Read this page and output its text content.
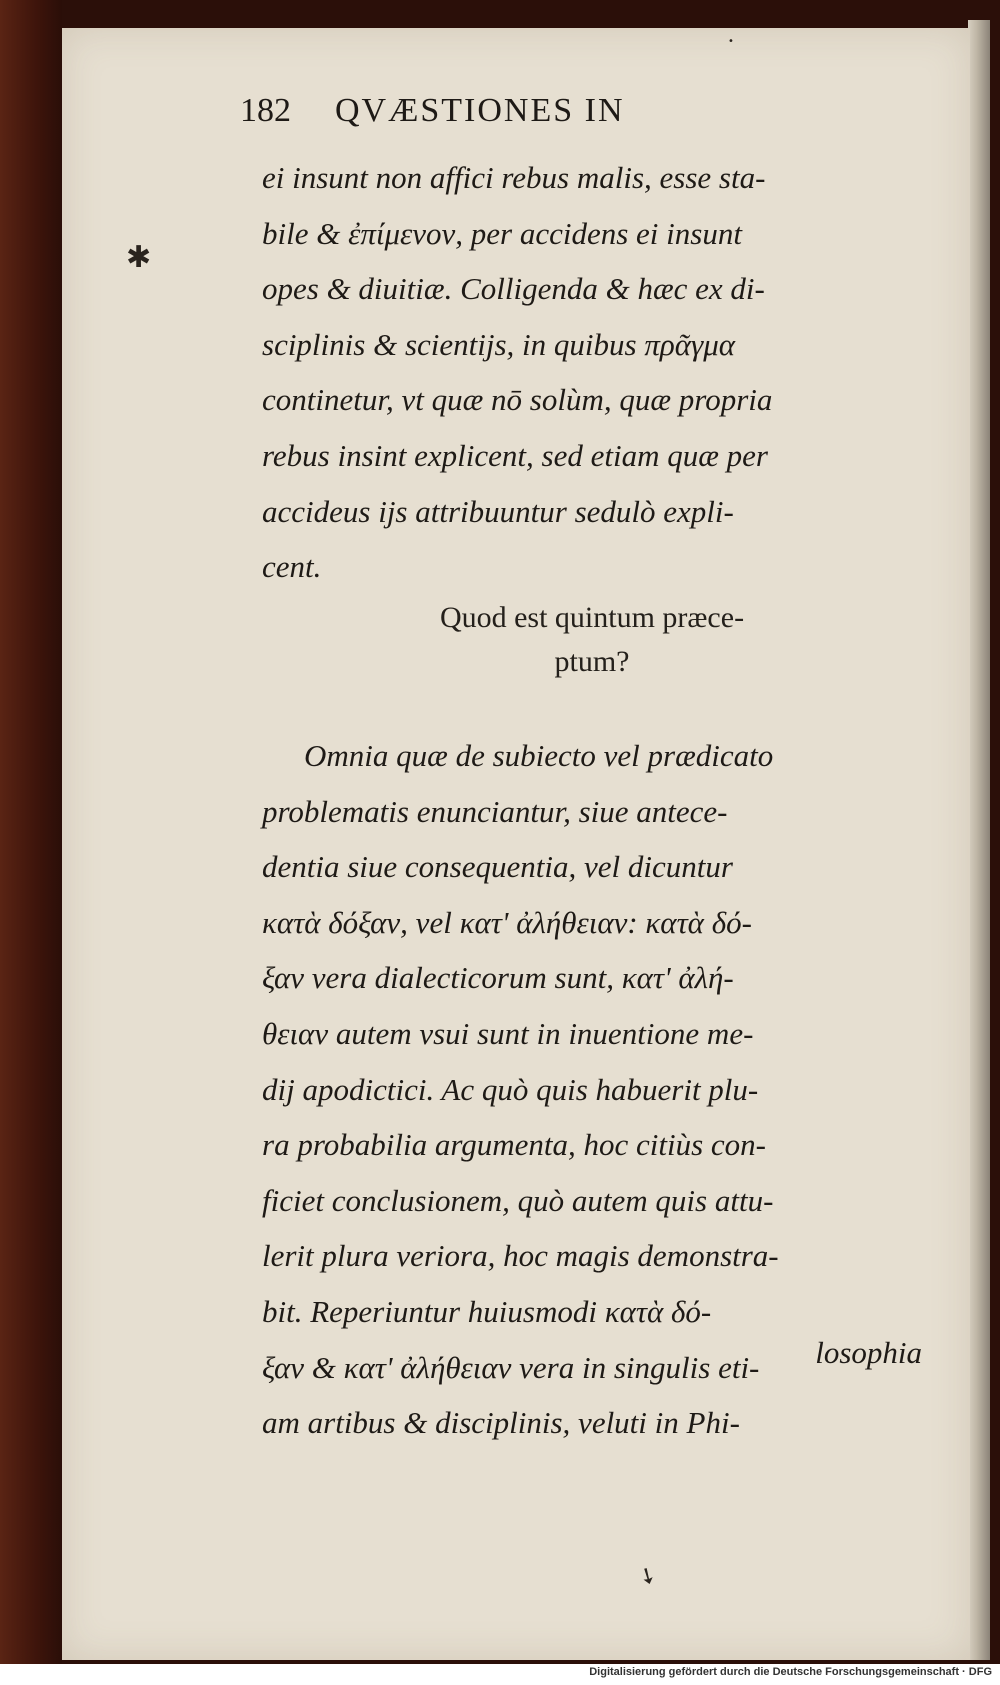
•
✱
➘
182 QVÆSTIONES IN
ei insunt non affici rebus malis, esse sta-
bile & ἐπίμενον, per accidens ei insunt
opes & diuitiæ. Colligenda & hæc ex di-
sciplinis & scientijs, in quibus πρᾶγμα
continetur, vt quæ nō solùm, quæ propria
rebus insint explicent, sed etiam quæ per
accideus ijs attribuuntur sedulò expli-
cent.
Quod est quintum præce-
ptum?
Omnia quæ de subiecto vel prædicato
problematis enunciantur, siue antece-
dentia siue consequentia, vel dicuntur
κατὰ δόξαν, vel κατ' ἀλήθειαν: κατὰ δό-
ξαν vera dialecticorum sunt, κατ' ἀλή-
θειαν autem vsui sunt in inuentione me-
dij apodictici. Ac quò quis habuerit plu-
ra probabilia argumenta, hoc citiùs con-
ficiet conclusionem, quò autem quis attu-
lerit plura veriora, hoc magis demonstra-
bit. Reperiuntur huiusmodi κατὰ δό-
ξαν & κατ' ἀλήθειαν vera in singulis eti-
am artibus & disciplinis, veluti in Phi-
losophia
Digitalisierung gefördert durch die Deutsche Forschungsgemeinschaft · DFG
